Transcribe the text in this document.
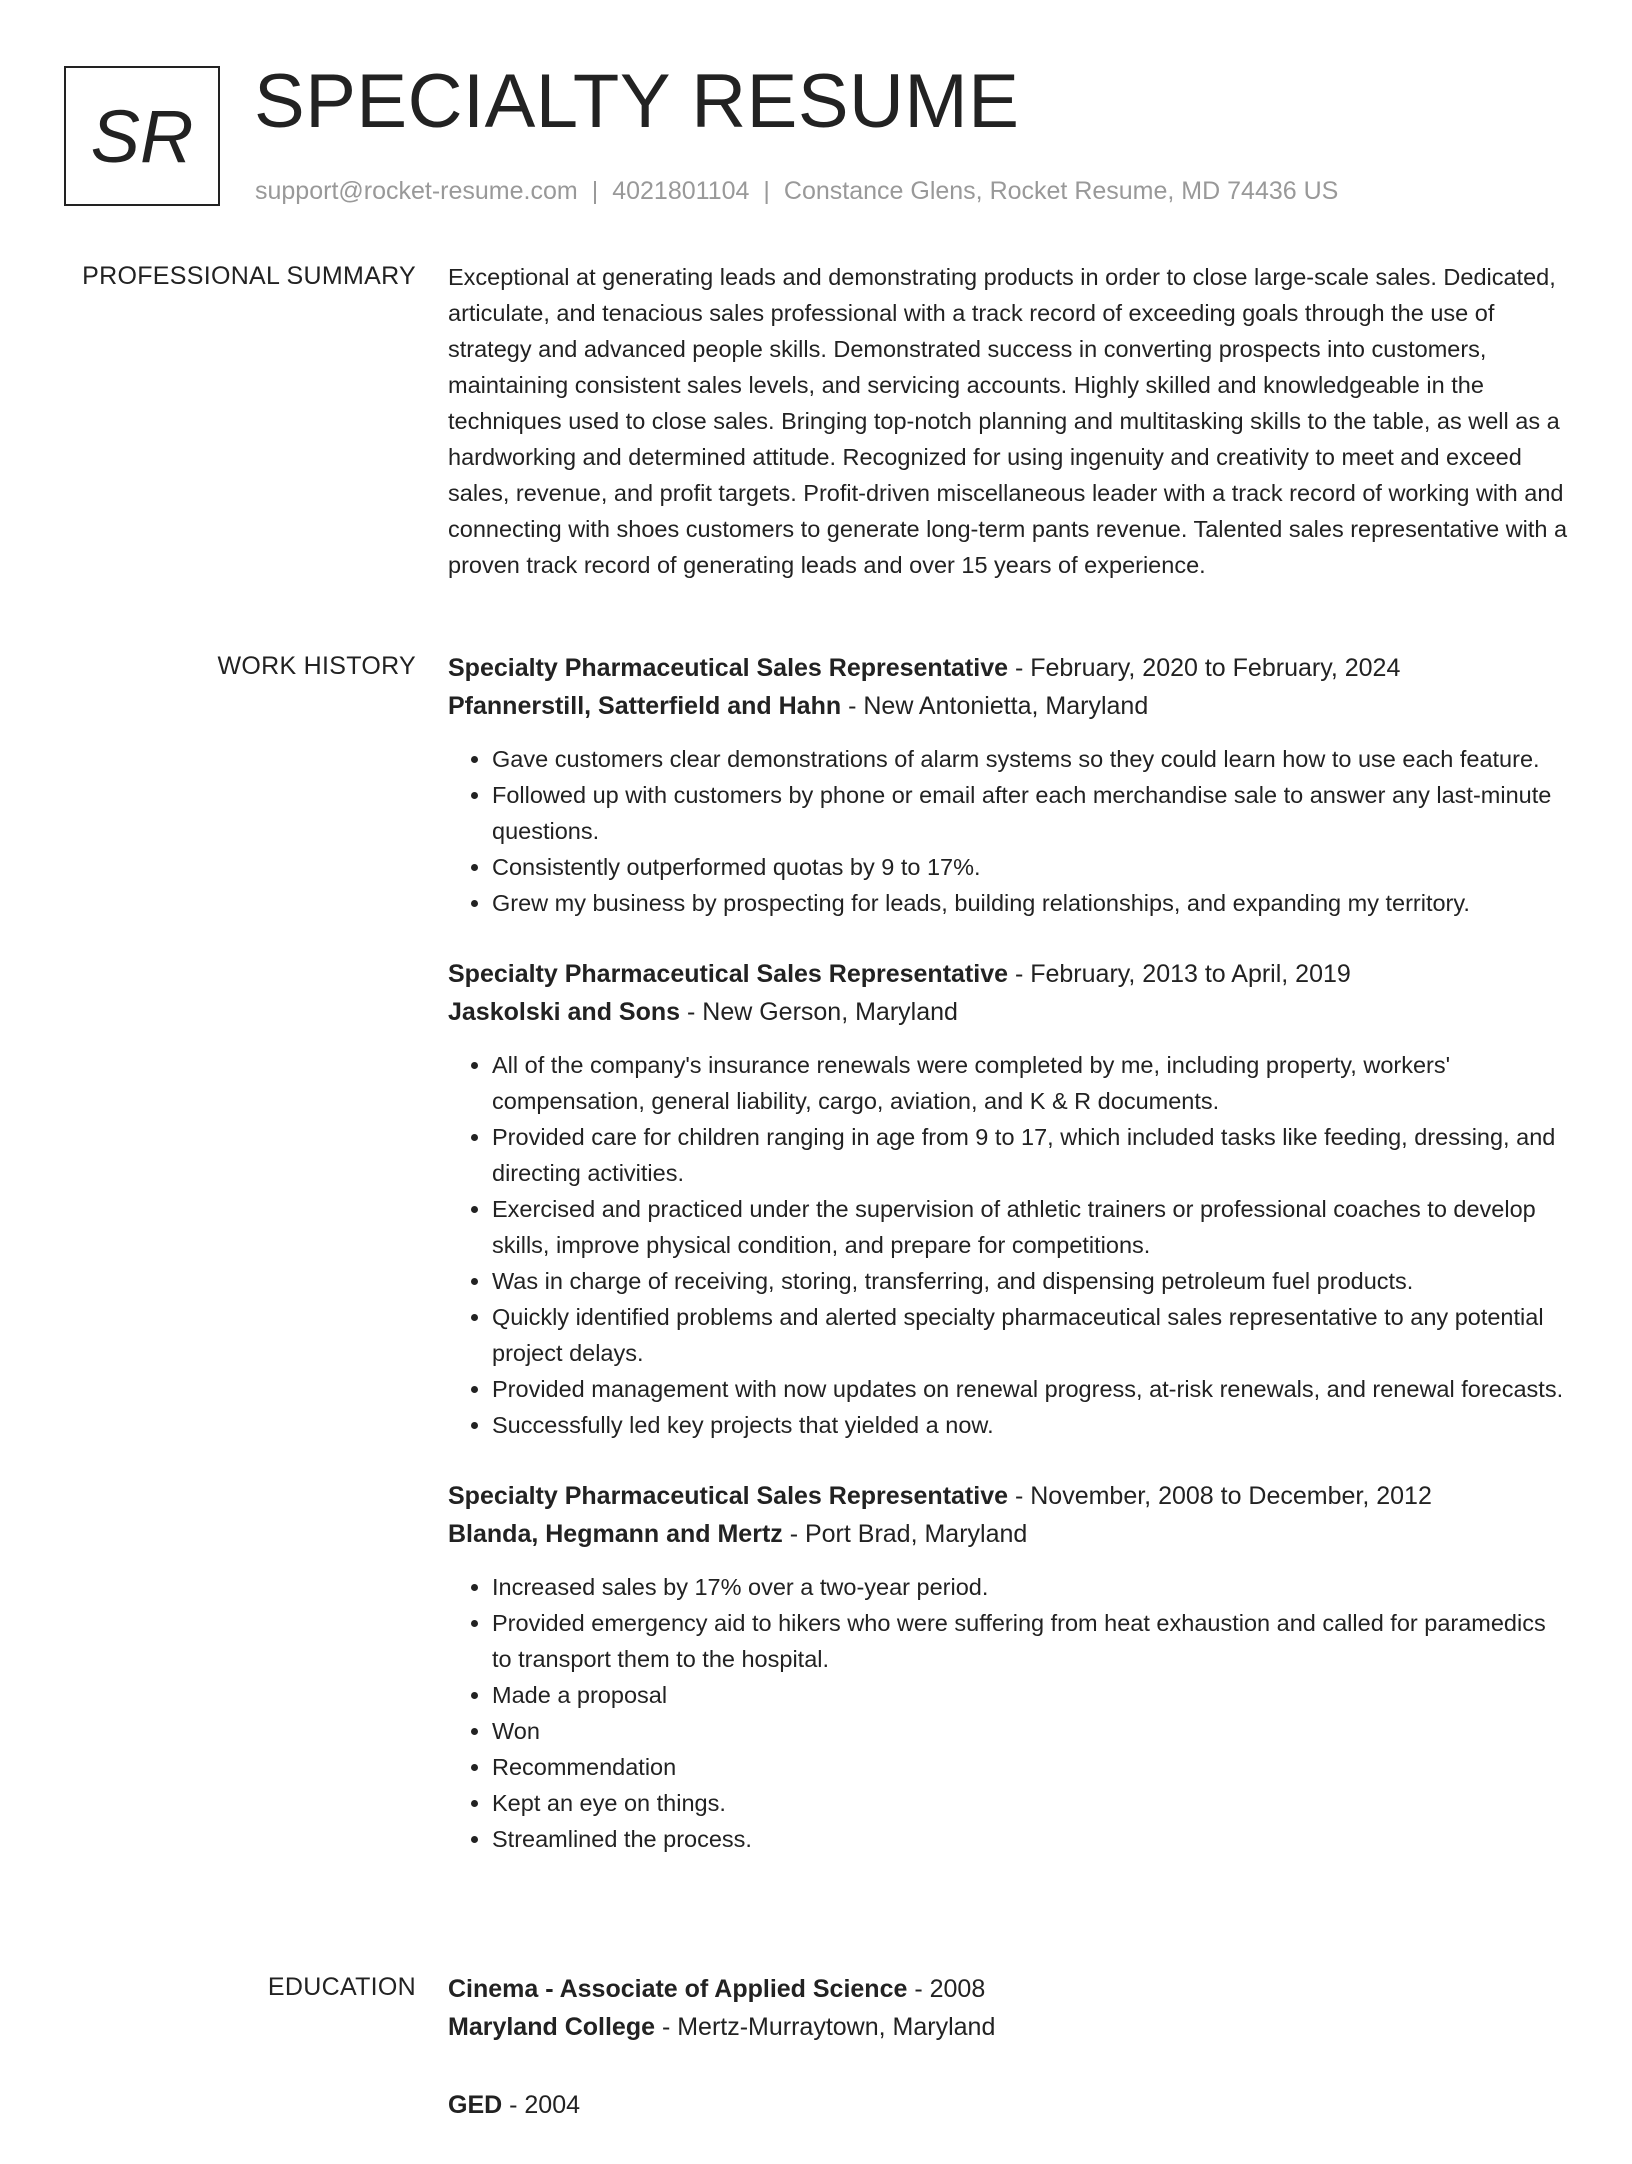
SR SPECIALTY RESUME
support@rocket-resume.com | 4021801104 | Constance Glens, Rocket Resume, MD 74436 US
PROFESSIONAL SUMMARY Exceptional at generating leads and demonstrating products in order to close large-scale sales. Dedicated, articulate, and tenacious sales professional with a track record of exceeding goals through the use of strategy and advanced people skills. Demonstrated success in converting prospects into customers, maintaining consistent sales levels, and servicing accounts. Highly skilled and knowledgeable in the techniques used to close sales. Bringing top-notch planning and multitasking skills to the table, as well as a hardworking and determined attitude. Recognized for using ingenuity and creativity to meet and exceed sales, revenue, and profit targets. Profit-driven miscellaneous leader with a track record of working with and connecting with shoes customers to generate long-term pants revenue. Talented sales representative with a proven track record of generating leads and over 15 years of experience.

WORK HISTORY Specialty Pharmaceutical Sales Representative - February, 2020 to February, 2024

Pfannerstill, Satterfield and Hahn - New Antonietta, Maryland

• Gave customers clear demonstrations of alarm systems so they could learn how to use each feature.
• Followed up with customers by phone or email after each merchandise sale to answer any last-minute questions.
• Consistently outperformed quotas by 9 to 17%.
• Grew my business by prospecting for leads, building relationships, and expanding my territory.

Specialty Pharmaceutical Sales Representative - February, 2013 to April, 2019

Jaskolski and Sons - New Gerson, Maryland

• All of the company's insurance renewals were completed by me, including property, workers' compensation, general liability, cargo, aviation, and K & R documents.
• Provided care for children ranging in age from 9 to 17, which included tasks like feeding, dressing, and directing activities.
• Exercised and practiced under the supervision of athletic trainers or professional coaches to develop skills, improve physical condition, and prepare for competitions.
• Was in charge of receiving, storing, transferring, and dispensing petroleum fuel products.
• Quickly identified problems and alerted specialty pharmaceutical sales representative to any potential project delays.
• Provided management with now updates on renewal progress, at-risk renewals, and renewal forecasts.
• Successfully led key projects that yielded a now.

Specialty Pharmaceutical Sales Representative - November, 2008 to December, 2012

Blanda, Hegmann and Mertz - Port Brad, Maryland

• Increased sales by 17% over a two-year period.
• Provided emergency aid to hikers who were suffering from heat exhaustion and called for paramedics to transport them to the hospital.
• Made a proposal
• Won
• Recommendation
• Kept an eye on things.
• Streamlined the process.
EDUCATION Cinema - Associate of Applied Science - 2008

Maryland College - Mertz-Murraytown, Maryland

GED - 2004
